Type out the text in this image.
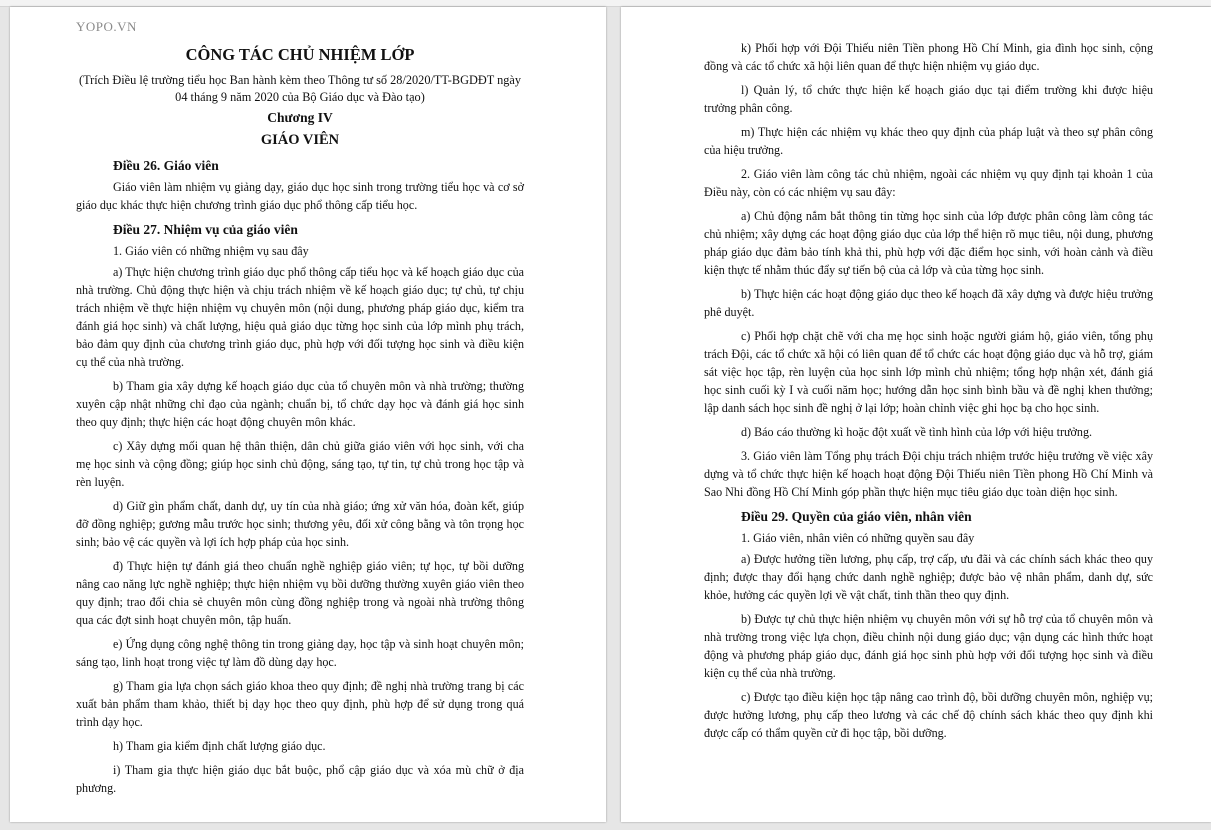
YOPO.VN
CÔNG TÁC CHỦ NHIỆM LỚP
(Trích Điều lệ trường tiểu học Ban hành kèm theo Thông tư số 28/2020/TT-BGDĐT ngày 04 tháng 9 năm 2020 của Bộ Giáo dục và Đào tạo)
Chương IV
GIÁO VIÊN
Điều 26. Giáo viên

Giáo viên làm nhiệm vụ giảng dạy, giáo dục học sinh trong trường tiểu học và cơ sở giáo dục khác thực hiện chương trình giáo dục phổ thông cấp tiểu học.

Điều 27. Nhiệm vụ của giáo viên

1. Giáo viên có những nhiệm vụ sau đây

a) Thực hiện chương trình giáo dục phổ thông cấp tiểu học và kế hoạch giáo dục của nhà trường. Chủ động thực hiện và chịu trách nhiệm về kế hoạch giáo dục; tự chủ, tự chịu trách nhiệm về thực hiện nhiệm vụ chuyên môn (nội dung, phương pháp giáo dục, kiểm tra đánh giá học sinh) và chất lượng, hiệu quả giáo dục từng học sinh của lớp mình phụ trách, bảo đảm quy định của chương trình giáo dục, phù hợp với đối tượng học sinh và điều kiện cụ thể của nhà trường.

b) Tham gia xây dựng kế hoạch giáo dục của tổ chuyên môn và nhà trường; thường xuyên cập nhật những chỉ đạo của ngành; chuẩn bị, tổ chức dạy học và đánh giá học sinh theo quy định; thực hiện các hoạt động chuyên môn khác.

c) Xây dựng mối quan hệ thân thiện, dân chủ giữa giáo viên với học sinh, với cha mẹ học sinh và cộng đồng; giúp học sinh chủ động, sáng tạo, tự tin, tự chủ trong học tập và rèn luyện.

d) Giữ gìn phẩm chất, danh dự, uy tín của nhà giáo; ứng xử văn hóa, đoàn kết, giúp đỡ đồng nghiệp; gương mẫu trước học sinh; thương yêu, đối xử công bằng và tôn trọng học sinh; bảo vệ các quyền và lợi ích hợp pháp của học sinh.

đ) Thực hiện tự đánh giá theo chuẩn nghề nghiệp giáo viên; tự học, tự bồi dưỡng nâng cao năng lực nghề nghiệp; thực hiện nhiệm vụ bồi dưỡng thường xuyên giáo viên theo quy định; trao đổi chia sẻ chuyên môn cùng đồng nghiệp trong và ngoài nhà trường thông qua các đợt sinh hoạt chuyên môn, tập huấn.

e) Ứng dụng công nghệ thông tin trong giảng dạy, học tập và sinh hoạt chuyên môn; sáng tạo, linh hoạt trong việc tự làm đồ dùng dạy học.

g) Tham gia lựa chọn sách giáo khoa theo quy định; đề nghị nhà trường trang bị các xuất bản phẩm tham khảo, thiết bị dạy học theo quy định, phù hợp để sử dụng trong quá trình dạy học.

h) Tham gia kiểm định chất lượng giáo dục.

i) Tham gia thực hiện giáo dục bắt buộc, phổ cập giáo dục và xóa mù chữ ở địa phương.

k) Phối hợp với Đội Thiếu niên Tiền phong Hồ Chí Minh, gia đình học sinh, cộng đồng và các tổ chức xã hội liên quan để thực hiện nhiệm vụ giáo dục.

l) Quản lý, tổ chức thực hiện kế hoạch giáo dục tại điểm trường khi được hiệu trưởng phân công.

m) Thực hiện các nhiệm vụ khác theo quy định của pháp luật và theo sự phân công của hiệu trưởng.

2. Giáo viên làm công tác chủ nhiệm, ngoài các nhiệm vụ quy định tại khoản 1 của Điều này, còn có các nhiệm vụ sau đây:

a) Chủ động nắm bắt thông tin từng học sinh của lớp được phân công làm công tác chủ nhiệm; xây dựng các hoạt động giáo dục của lớp thể hiện rõ mục tiêu, nội dung, phương pháp giáo dục đảm bảo tính khả thi, phù hợp với đặc điểm học sinh, với hoàn cảnh và điều kiện thực tế nhằm thúc đẩy sự tiến bộ của cả lớp và của từng học sinh.

b) Thực hiện các hoạt động giáo dục theo kế hoạch đã xây dựng và được hiệu trưởng phê duyệt.

c) Phối hợp chặt chẽ với cha mẹ học sinh hoặc người giám hộ, giáo viên, tổng phụ trách Đội, các tổ chức xã hội có liên quan để tổ chức các hoạt động giáo dục và hỗ trợ, giám sát việc học tập, rèn luyện của học sinh lớp mình chủ nhiệm; tổng hợp nhận xét, đánh giá học sinh cuối kỳ I và cuối năm học; hướng dẫn học sinh bình bầu và đề nghị khen thưởng; lập danh sách học sinh đề nghị ở lại lớp; hoàn chỉnh việc ghi học bạ cho học sinh.

d) Báo cáo thường kì hoặc đột xuất về tình hình của lớp với hiệu trưởng.

3. Giáo viên làm Tổng phụ trách Đội chịu trách nhiệm trước hiệu trưởng về việc xây dựng và tổ chức thực hiện kế hoạch hoạt động Đội Thiếu niên Tiền phong Hồ Chí Minh và Sao Nhi đồng Hồ Chí Minh góp phần thực hiện mục tiêu giáo dục toàn diện học sinh.

Điều 29. Quyền của giáo viên, nhân viên

1. Giáo viên, nhân viên có những quyền sau đây

a) Được hưởng tiền lương, phụ cấp, trợ cấp, ưu đãi và các chính sách khác theo quy định; được thay đổi hạng chức danh nghề nghiệp; được bảo vệ nhân phẩm, danh dự, sức khỏe, hưởng các quyền lợi về vật chất, tinh thần theo quy định.

b) Được tự chủ thực hiện nhiệm vụ chuyên môn với sự hỗ trợ của tổ chuyên môn và nhà trường trong việc lựa chọn, điều chỉnh nội dung giáo dục; vận dụng các hình thức hoạt động và phương pháp giáo dục, đánh giá học sinh phù hợp với đối tượng học sinh và điều kiện cụ thể của nhà trường.

c) Được tạo điều kiện học tập nâng cao trình độ, bồi dưỡng chuyên môn, nghiệp vụ; được hưởng lương, phụ cấp theo lương và các chế độ chính sách khác theo quy định khi được cấp có thẩm quyền cử đi học tập, bồi dưỡng.
